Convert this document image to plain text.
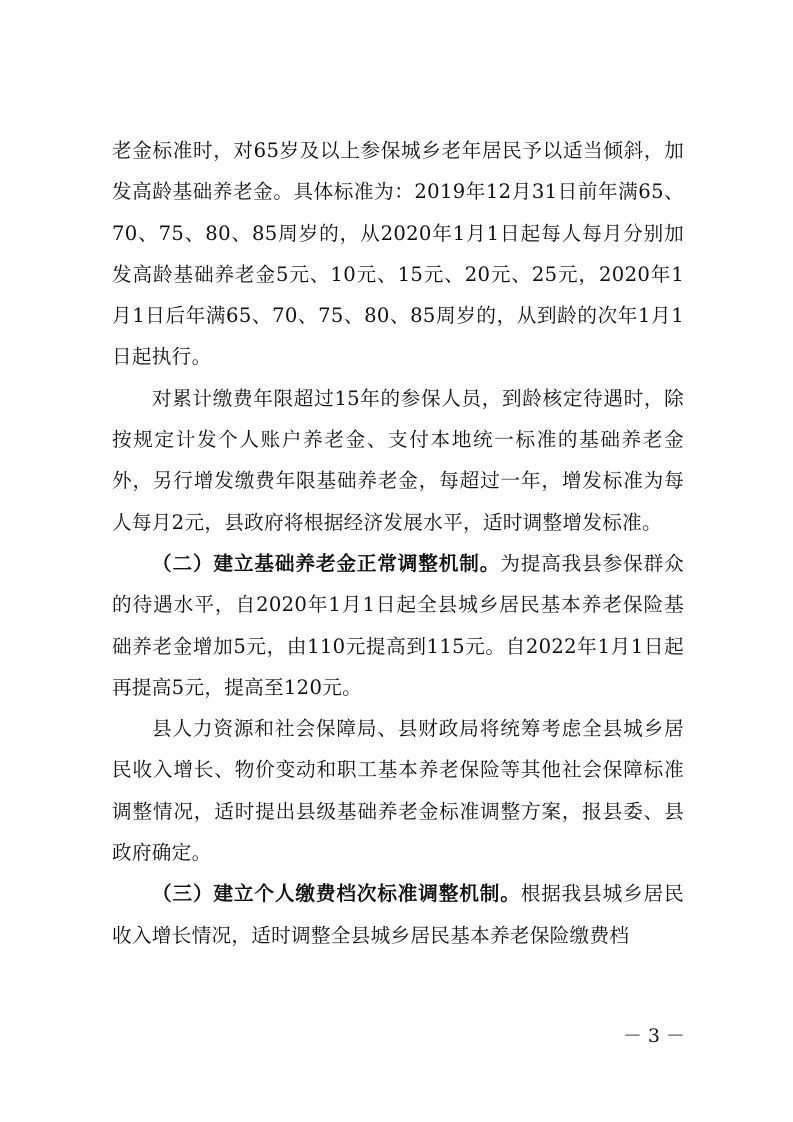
老金标准时，对65岁及以上参保城乡老年居民予以适当倾斜，加发高龄基础养老金。具体标准为：2019年12月31日前年满65、70、75、80、85周岁的，从2020年1月1日起每人每月分别加发高龄基础养老金5元、10元、15元、20元、25元，2020年1月1日后年满65、70、75、80、85周岁的，从到龄的次年1月1日起执行。

对累计缴费年限超过15年的参保人员，到龄核定待遇时，除按规定计发个人账户养老金、支付本地统一标准的基础养老金外，另行增发缴费年限基础养老金，每超过一年，增发标准为每人每月2元，县政府将根据经济发展水平，适时调整增发标准。

（二）建立基础养老金正常调整机制。为提高我县参保群众的待遇水平，自2020年1月1日起全县城乡居民基本养老保险基础养老金增加5元，由110元提高到115元。自2022年1月1日起再提高5元，提高至120元。

县人力资源和社会保障局、县财政局将统筹考虑全县城乡居民收入增长、物价变动和职工基本养老保险等其他社会保障标准调整情况，适时提出县级基础养老金标准调整方案，报县委、县政府确定。

（三）建立个人缴费档次标准调整机制。根据我县城乡居民收入增长情况，适时调整全县城乡居民基本养老保险缴费档

－ 3 －
